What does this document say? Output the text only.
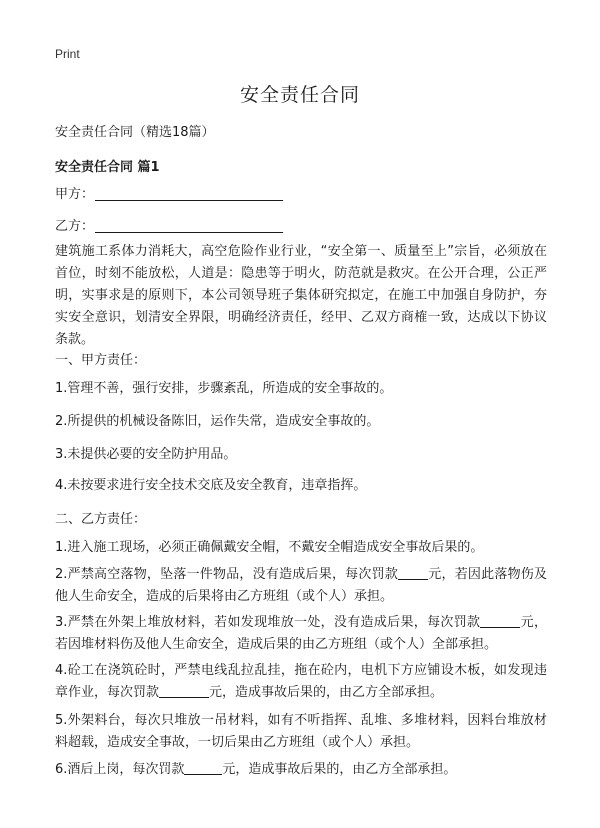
Print
安全责任合同
安全责任合同（精选18篇）
安全责任合同 篇1
甲方：
乙方：
建筑施工系体力消耗大，高空危险作业行业，“安全第一、质量至上”宗旨，必须放在首位，时刻不能放松，人道是：隐患等于明火，防范就是救灾。在公开合理，公正严明，实事求是的原则下，本公司领导班子集体研究拟定，在施工中加强自身防护，夯实安全意识，划清安全界限，明确经济责任，经甲、乙双方商榷一致，达成以下协议条款。
一、甲方责任：
1.管理不善，强行安排，步骤紊乱，所造成的安全事故的。
2.所提供的机械设备陈旧，运作失常，造成安全事故的。
3.未提供必要的安全防护用品。
4.未按要求进行安全技术交底及安全教育，违章指挥。
二、乙方责任：
1.进入施工现场，必须正确佩戴安全帽，不戴安全帽造成安全事故后果的。
2.严禁高空落物，坠落一件物品，没有造成后果，每次罚款 元，若因此落物伤及他人生命安全，造成的后果将由乙方班组（或个人）承担。
3.严禁在外架上堆放材料，若如发现堆放一处，没有造成后果，每次罚款	元，若因堆材料伤及他人生命安全，造成后果的由乙方班组（或个人）全部承担。
4.砼工在浇筑砼时，严禁电线乱拉乱挂，拖在砼内，电机下方应铺设木板，如发现违章作业，每次罚款	元，造成事故后果的，由乙方全部承担。
5.外架料台，每次只堆放一吊材料，如有不听指挥、乱堆、多堆材料，因料台堆放材料超载，造成安全事故，一切后果由乙方班组（或个人）承担。
6.酒后上岗，每次罚款	元，造成事故后果的，由乙方全部承担。
